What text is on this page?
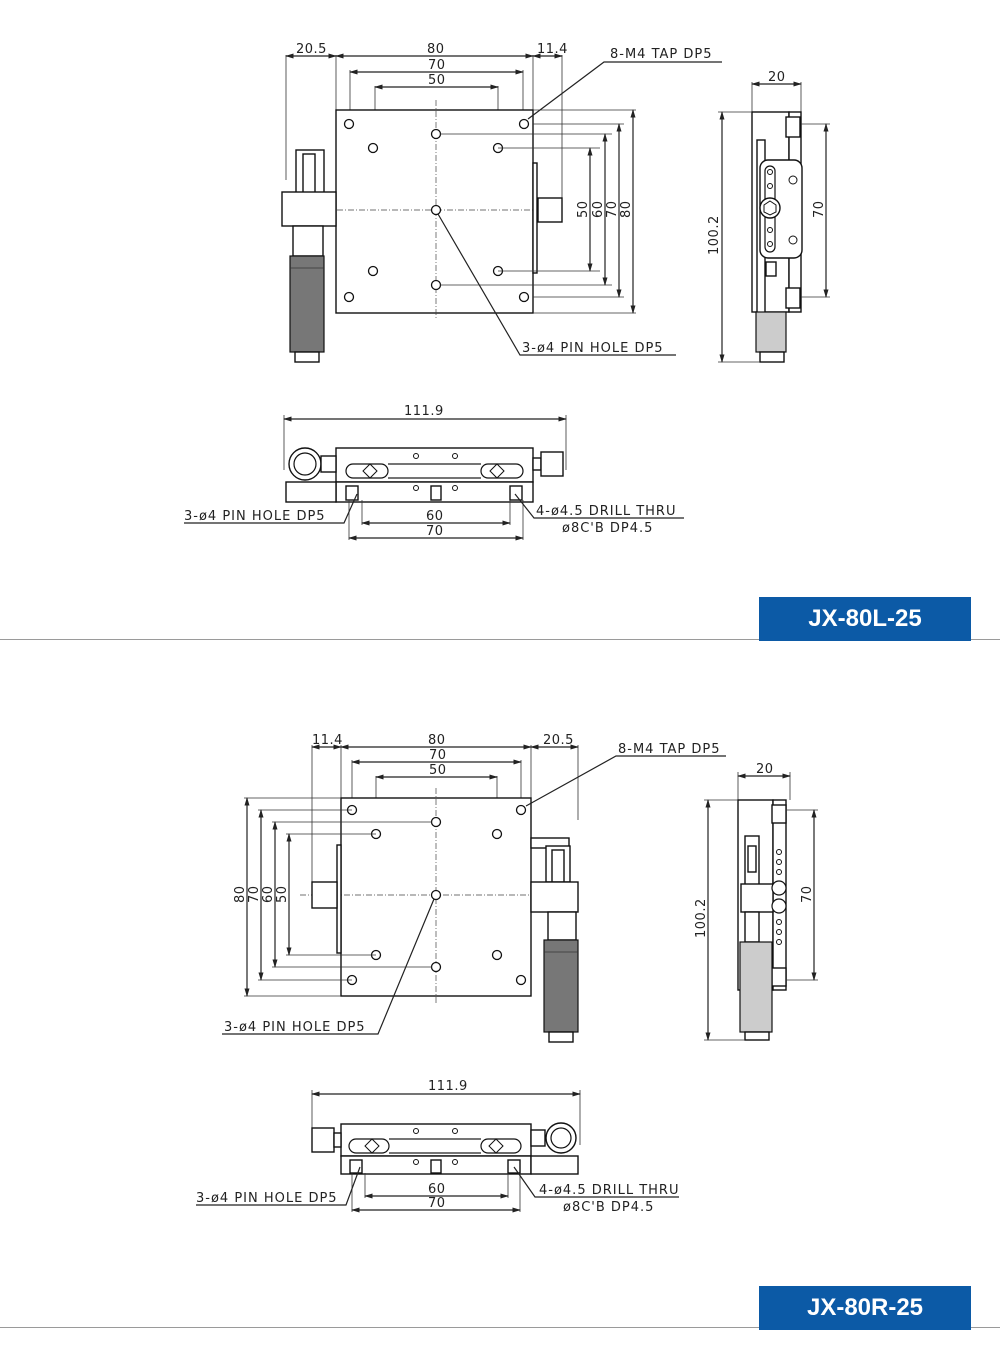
20.5	80	11.4
70
50
8-M4 TAP DP5
3-ø4 PIN HOLE DP5
50 60 70 80
20
100.2
70
111.9
60
70
3-ø4 PIN HOLE DP5	4-ø4.5 DRILL THRU
ø8C'B DP4.5
11.4	80	20.5
70
50
8-M4 TAP DP5
3-ø4 PIN HOLE DP5
80 70 60 50
20
100.2
70
111.9
60
70
3-ø4 PIN HOLE DP5
4-ø4.5 DRILL THRU
ø8C'B DP4.5
JX-80L-25
JX-80R-25
